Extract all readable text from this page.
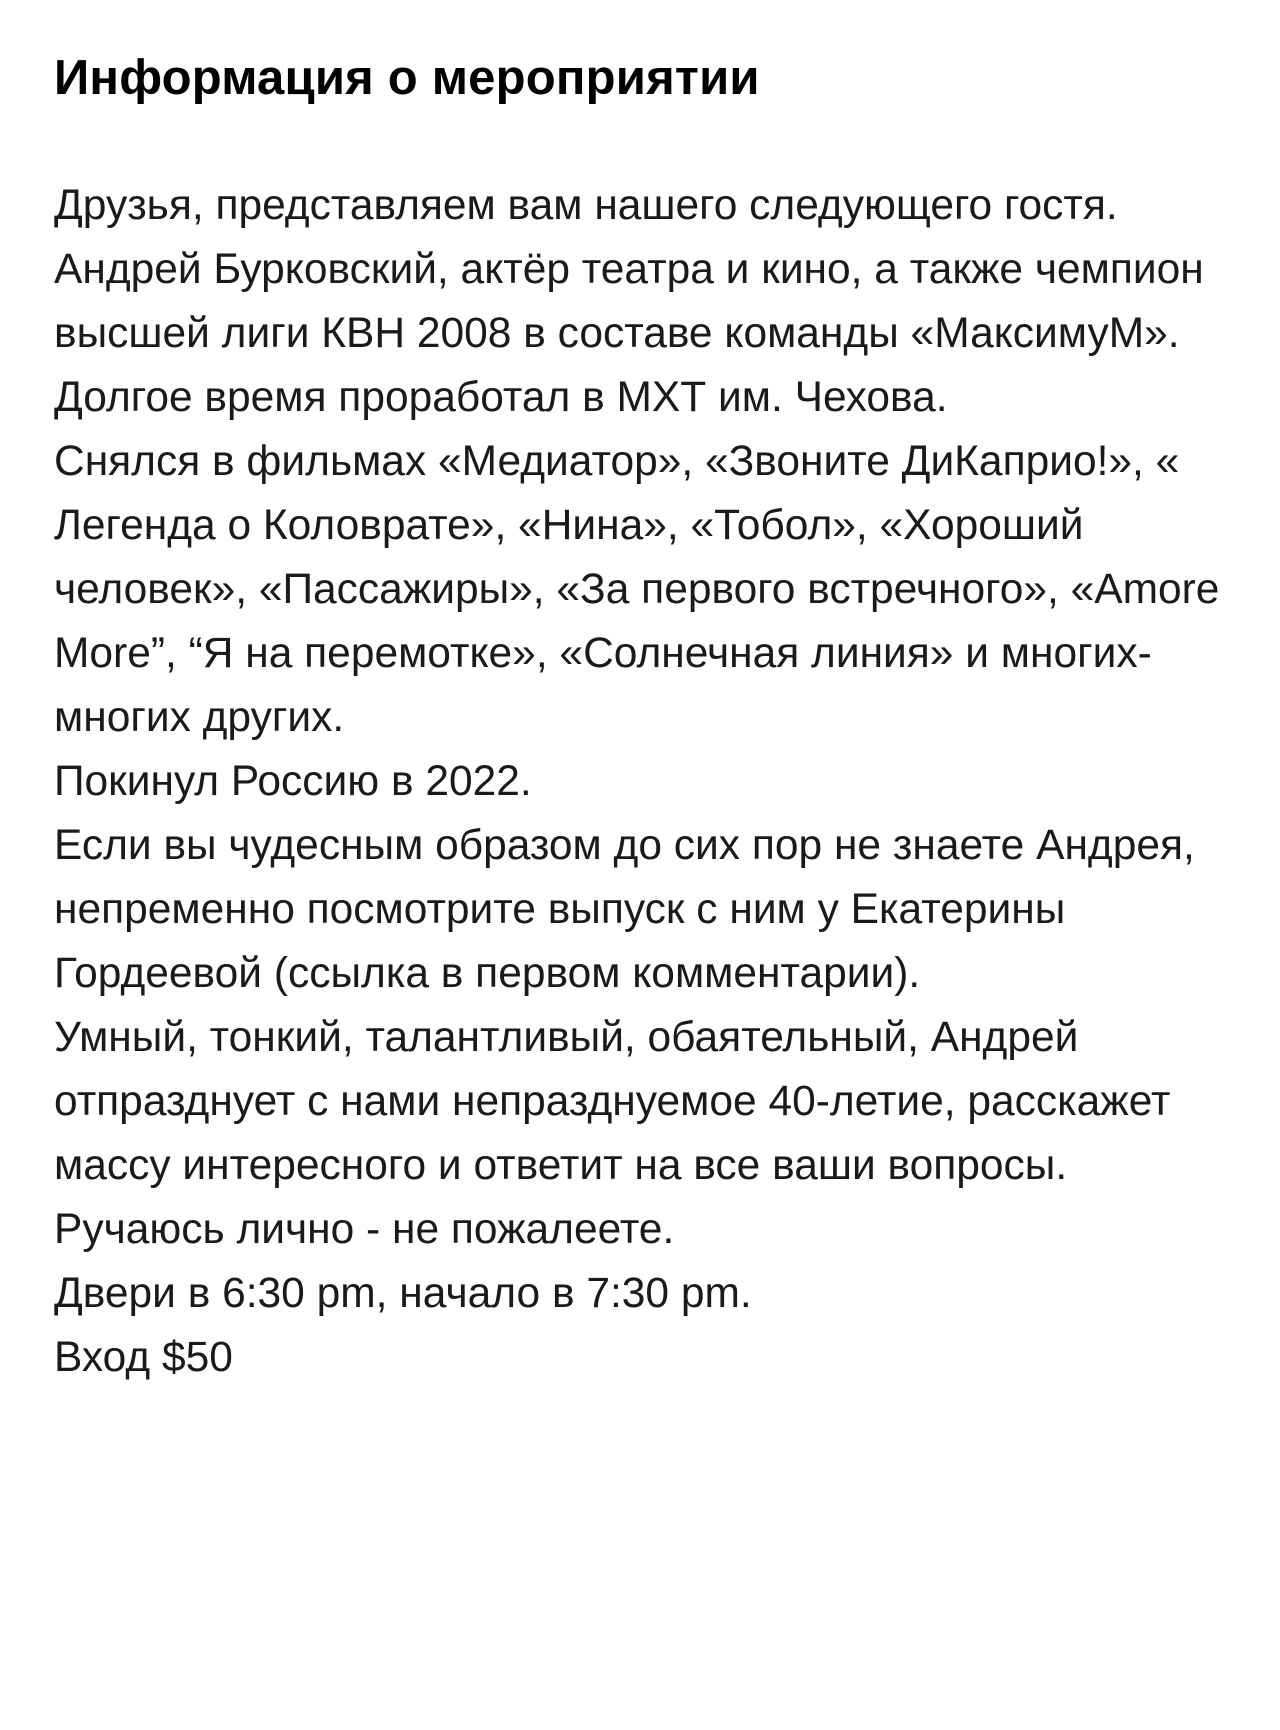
Информация о мероприятии

Друзья, представляем вам нашего следующего гостя.

Андрей Бурковский, актёр театра и кино, а также чемпион высшей лиги КВН 2008 в составе команды «МаксимуМ». Долгое время проработал в МХТ им. Чехова.

Снялся в фильмах «Медиатор», «Звоните ДиКаприо!», « Легенда о Коловрате», «Нина», «Тобол», «Хороший человек», «Пассажиры», «За первого встречного», «Amore More”, “Я на перемотке», «Солнечная линия» и многих-многих других.

Покинул Россию в 2022.

Если вы чудесным образом до сих пор не знаете Андрея, непременно посмотрите выпуск с ним у Екатерины Гордеевой (ссылка в первом комментарии).

Умный, тонкий, талантливый, обаятельный, Андрей отпразднует с нами непразднуемое 40-летие, расскажет массу интересного и ответит на все ваши вопросы.

Ручаюсь лично - не пожалеете.

Двери в 6:30 pm, начало в 7:30 pm.

Вход $50
